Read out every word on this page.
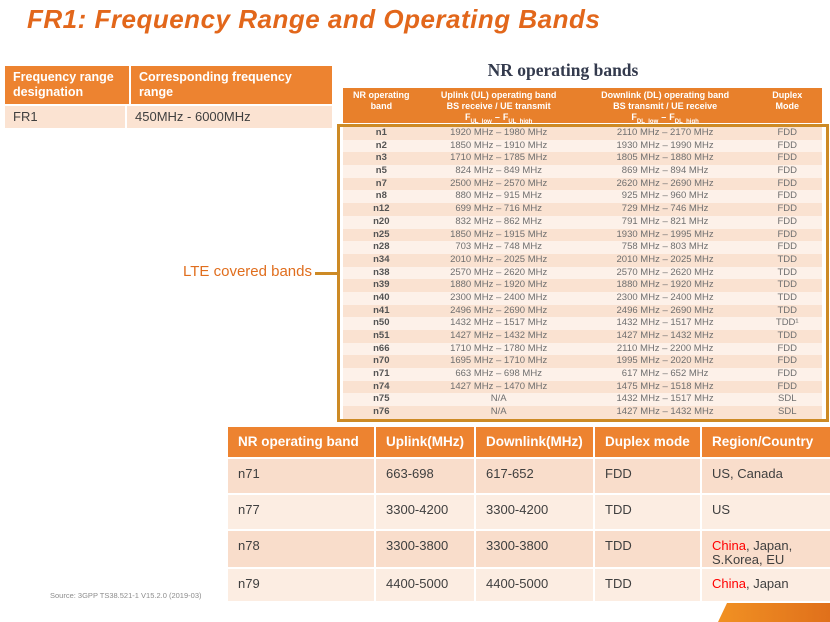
FR1: Frequency Range and Operating Bands
Frequency range designation
Corresponding frequency range
FR1	450MHz - 6000MHz
NR operating bands
NR operating
band
Uplink (UL) operating band
BS receive / UE transmit
$F_{UL\_low} - F_{UL\_high}$
Downlink (DL) operating band
BS transmit / UE receive
$F_{DL\_low} - F_{DL\_high}$
Duplex
Mode
n1	1920 MHz – 1980 MHz	2110 MHz – 2170 MHz	FDD
n2	1850 MHz – 1910 MHz	1930 MHz – 1990 MHz	FDD
n3	1710 MHz – 1785 MHz	1805 MHz – 1880 MHz	FDD
n5	824 MHz – 849 MHz	869 MHz – 894 MHz	FDD
n7	2500 MHz – 2570 MHz	2620 MHz – 2690 MHz	FDD
n8	880 MHz – 915 MHz	925 MHz – 960 MHz	FDD
n12	699 MHz – 716 MHz	729 MHz – 746 MHz	FDD
n20	832 MHz – 862 MHz	791 MHz – 821 MHz	FDD
n25	1850 MHz – 1915 MHz	1930 MHz – 1995 MHz	FDD
n28	703 MHz – 748 MHz	758 MHz – 803 MHz	FDD
n34	2010 MHz – 2025 MHz	2010 MHz – 2025 MHz	TDD
n38	2570 MHz – 2620 MHz	2570 MHz – 2620 MHz	TDD
n39	1880 MHz – 1920 MHz	1880 MHz – 1920 MHz	TDD
n40	2300 MHz – 2400 MHz	2300 MHz – 2400 MHz	TDD
n41	2496 MHz – 2690 MHz	2496 MHz – 2690 MHz	TDD
n50	1432 MHz – 1517 MHz	1432 MHz – 1517 MHz	TDD¹
n51	1427 MHz – 1432 MHz	1427 MHz – 1432 MHz	TDD
n66	1710 MHz – 1780 MHz	2110 MHz – 2200 MHz	FDD
n70	1695 MHz – 1710 MHz	1995 MHz – 2020 MHz	FDD
n71	663 MHz – 698 MHz	617 MHz – 652 MHz	FDD
n74	1427 MHz – 1470 MHz	1475 MHz – 1518 MHz	FDD
n75	N/A	1432 MHz – 1517 MHz	SDL
n76	N/A	1427 MHz – 1432 MHz	SDL
LTE covered bands
NR operating band	Uplink(MHz)	Downlink(MHz)	Duplex mode	Region/Country
n71	663-698	617-652	FDD	US, Canada
n77	3300-4200	3300-4200	TDD	US
n78	3300-3800	3300-3800	TDD	China, Japan, S.Korea, EU
n79	4400-5000	4400-5000	TDD	China, Japan
Source: 3GPP TS38.521-1 V15.2.0 (2019-03)
